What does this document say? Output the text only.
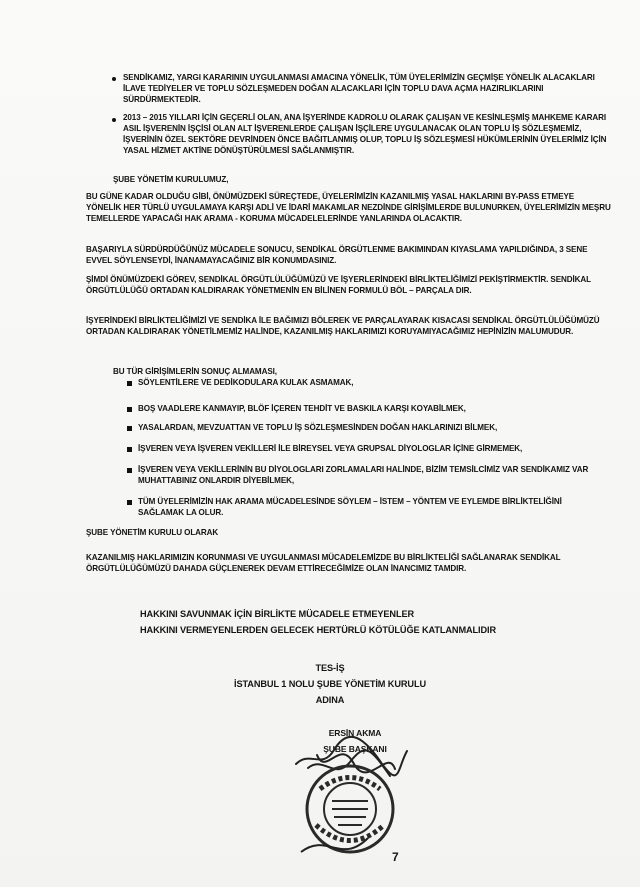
SENDİKAMIZ, YARGI KARARININ UYGULANMASI AMACINA YÖNELİK, TÜM ÜYELERİMİZİN GEÇMİŞE YÖNELİK ALACAKLARI İLAVE TEDİYELER VE TOPLU SÖZLEŞMEDEN DOĞAN ALACAKLARI İÇİN TOPLU DAVA AÇMA HAZIRLIKLARINI SÜRDÜRMEKTEDİR.
2013 – 2015 YILLARI İÇİN GEÇERLİ OLAN, ANA İŞYERİNDE KADROLU OLARAK ÇALIŞAN VE KESİNLEŞMİŞ MAHKEME KARARI ASIL İŞVERENİN İŞÇİSİ OLAN ALT İŞVERENLERDE ÇALIŞAN İŞÇİLERE UYGULANACAK OLAN TOPLU İŞ SÖZLEŞMEMİZ, İŞVERİNİN ÖZEL SEKTÖRE DEVRİNDEN ÖNCE BAĞITLANMIŞ OLUP, TOPLU İŞ SÖZLEŞMESİ HÜKÜMLERİNİN ÜYELERİMİZ İÇİN YASAL HİZMET AKTİNE DÖNÜŞTÜRÜLMESİ SAĞLANMIŞTIR.
ŞUBE YÖNETİM KURULUMUZ,
BU GÜNE KADAR OLDUĞU GİBİ, ÖNÜMÜZDEKİ SÜREÇTEDE, ÜYELERİMİZİN KAZANILMIŞ YASAL HAKLARINI BY-PASS ETMEYE YÖNELİK HER TÜRLÜ UYGULAMAYA KARŞI ADLİ VE İDARİ MAKAMLAR NEZDİNDE GİRİŞİMLERDE BULUNURKEN, ÜYELERİMİZİN MEŞRU TEMELLERDE YAPACAĞI HAK ARAMA - KORUMA MÜCADELELERİNDE YANLARINDA OLACAKTIR.
BAŞARIYLA SÜRDÜRDÜĞÜNÜZ MÜCADELE SONUCU, SENDİKAL ÖRGÜTLENME BAKIMINDAN KIYASLAMA YAPILDIĞINDA, 3 SENE EVVEL SÖYLENSEYDİ, İNANAMAYACAĞINIZ BİR KONUMDASINIZ.
ŞİMDİ ÖNÜMÜZDEKİ GÖREV, SENDİKAL ÖRGÜTLÜLÜĞÜMÜZÜ VE İŞYERLERİNDEKİ BİRLİKTELİĞİMİZİ PEKİŞTİRMEKTİR. SENDİKAL ÖRGÜTLÜLÜĞÜ ORTADAN KALDIRARAK YÖNETMENİN EN BİLİNEN FORMULÜ BÖL – PARÇALA DIR.
İŞYERİNDEKİ BİRLİKTELİĞİMİZİ VE SENDİKA İLE BAĞIMIZI BÖLEREK VE PARÇALAYARAK KISACASI SENDİKAL ÖRGÜTLÜLÜĞÜMÜZÜ ORTADAN KALDIRARAK YÖNETİLMEMİZ HALİNDE, KAZANILMIŞ HAKLARIMIZI KORUYAMIYACAĞIMIZ HEPİNİZİN MALUMUDUR.
BU TÜR GİRİŞİMLERİN SONUÇ ALMAMASI,
SÖYLENTİLERE VE DEDİKODULARA KULAK ASMAMAK,
BOŞ VAADLERE KANMAYIP, BLÖF İÇEREN TEHDİT VE BASKILA KARŞI KOYABİLMEK,
YASALARDAN, MEVZUATTAN VE TOPLU İŞ SÖZLEŞMESİNDEN DOĞAN HAKLARINIZI BİLMEK,
İŞVEREN VEYA İŞVEREN VEKİLLERİ İLE BİREYSEL VEYA GRUPSAL DİYOLOGLAR İÇİNE GİRMEMEK,
İŞVEREN VEYA VEKİLLERİNİN BU DİYOLOGLARI ZORLAMALARI HALİNDE, BİZİM TEMSİLCİMİZ VAR SENDİKAMIZ VAR MUHATTABINIZ ONLARDIR DİYEBİLMEK,
TÜM ÜYELERİMİZİN HAK ARAMA MÜCADELESİNDE SÖYLEM – İSTEM – YÖNTEM VE EYLEMDE BİRLİKTELİĞİNİ SAĞLAMAK LA OLUR.
ŞUBE YÖNETİM KURULU OLARAK
KAZANILMIŞ HAKLARIMIZIN KORUNMASI VE UYGULANMASI MÜCADELEMİZDE BU BİRLİKTELİĞİ SAĞLANARAK SENDİKAL ÖRGÜTLÜLÜĞÜMÜZÜ DAHADA GÜÇLENEREK DEVAM ETTİRECEĞİMİZE OLAN İNANCIMIZ TAMDIR.
HAKKINI SAVUNMAK İÇİN BİRLİKTE MÜCADELE ETMEYENLER
HAKKINI VERMEYENLERDEN GELECEK HERTÜRLÜ KÖTÜLÜĞE KATLANMALIDIR
TES-İŞ
İSTANBUL 1 NOLU ŞUBE YÖNETİM KURULU
ADINA
ERSİN AKMA
ŞUBE BAŞKANI
7
